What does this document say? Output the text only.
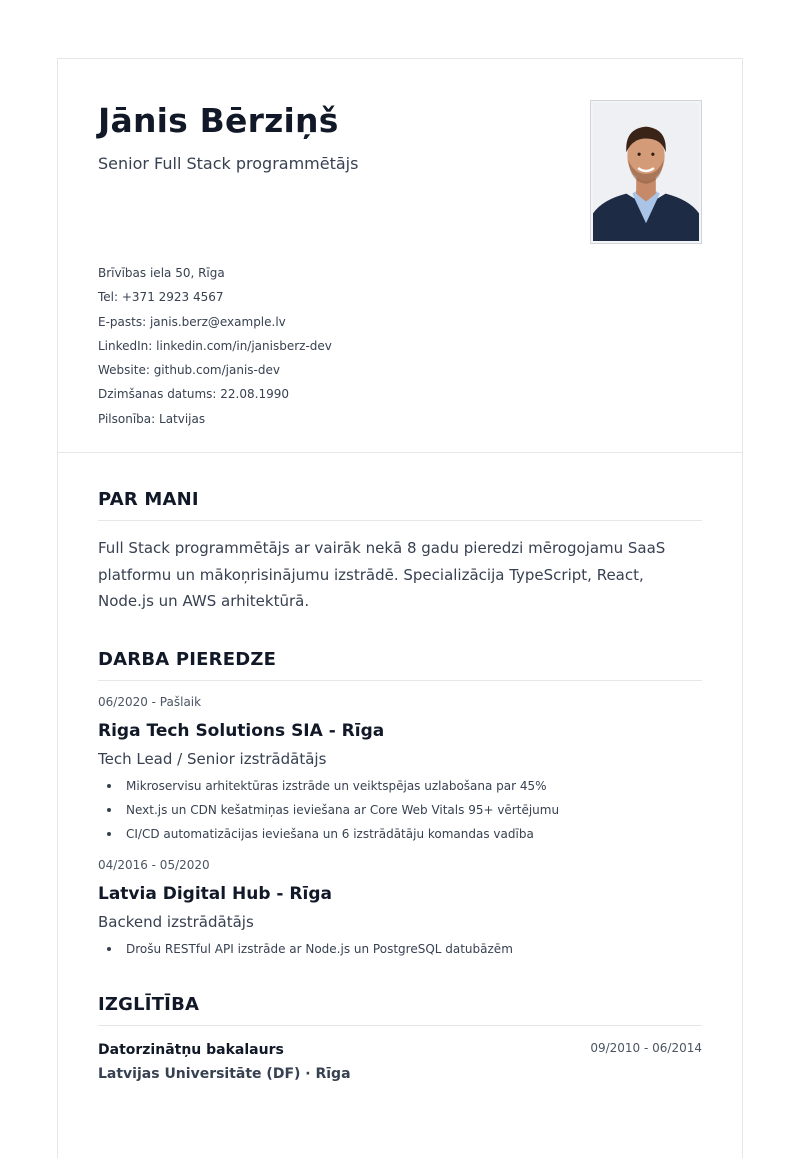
Jānis Bērziņš
Senior Full Stack programmētājs
Brīvības iela 50, Rīga
Tel: +371 2923 4567
E-pasts: janis.berz@example.lv
LinkedIn: linkedin.com/in/janisberz-dev
Website: github.com/janis-dev
Dzimšanas datums: 22.08.1990
Pilsonība: Latvijas
PAR MANI

Full Stack programmētājs ar vairāk nekā 8 gadu pieredzi mērogojamu SaaS platformu un mākoņrisinājumu izstrādē. Specializācija TypeScript, React, Node.js un AWS arhitektūrā.

DARBA PIEREDZE
06/2020 - Pašlaik
Riga Tech Solutions SIA - Rīga
Tech Lead / Senior izstrādātājs
Mikroservisu arhitektūras izstrāde un veiktspējas uzlabošana par 45%
Next.js un CDN kešatmiņas ieviešana ar Core Web Vitals 95+ vērtējumu
CI/CD automatizācijas ieviešana un 6 izstrādātāju komandas vadība
04/2016 - 05/2020
Latvia Digital Hub - Rīga
Backend izstrādātājs
Drošu RESTful API izstrāde ar Node.js un PostgreSQL datubāzēm
IZGLĪTĪBA
Datorzinātņu bakalaurs
Latvijas Universitāte (DF) · Rīga
09/2010 - 06/2014
